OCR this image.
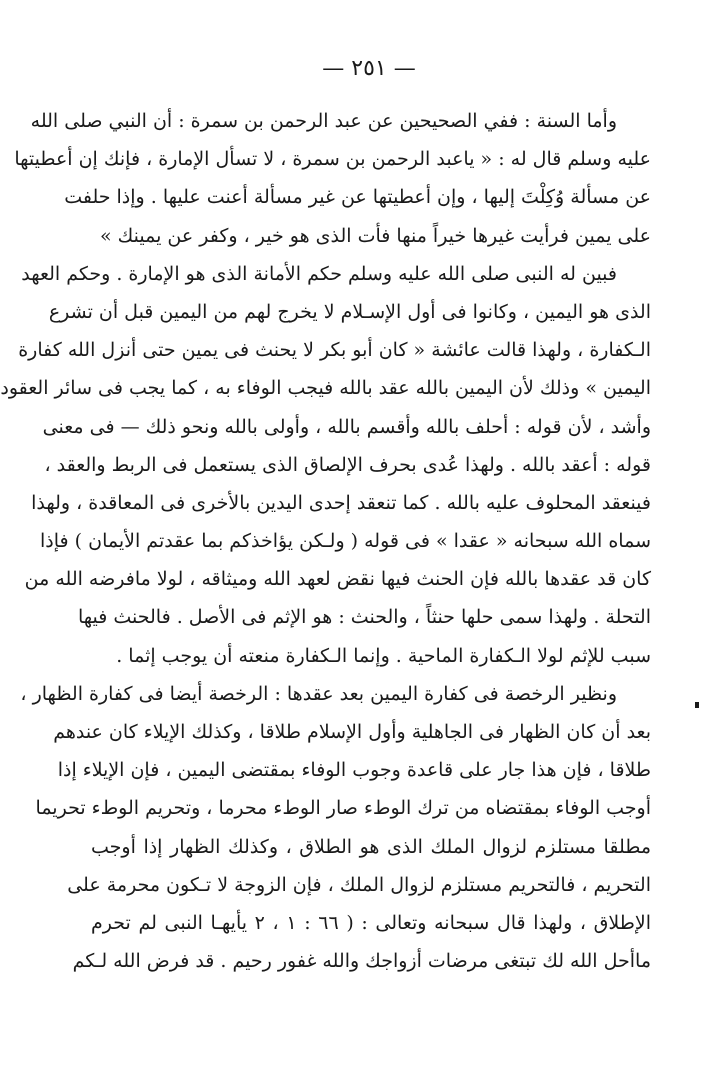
— ٢٥١ —
وأما السنة : ففي الصحيحين عن عبد الرحمن بن سمرة : أن النبي صلى الله
عليه وسلم قال له : « ياعبد الرحمن بن سمرة ، لا تسأل الإمارة ، فإنك إن أعطيتها
عن مسألة وُكِلْتَ إليها ، وإن أعطيتها عن غير مسألة أعنت عليها . وإذا حلفت
على يمين فرأيت غيرها خيراً منها فأت الذى هو خير ، وكفر عن يمينك »
فبين له النبى صلى الله عليه وسلم حكم الأمانة الذى هو الإمارة . وحكم العهد
الذى هو اليمين ، وكانوا فى أول الإسـلام لا يخرج لهم من اليمين قبل أن تشرع
الـكفارة ، ولهذا قالت عائشة « كان أبو بكر لا يحنث فى يمين حتى أنزل الله كفارة
اليمين » وذلك لأن اليمين بالله عقد بالله فيجب الوفاء به ، كما يجب فى سائر العقود
وأشد ، لأن قوله : أحلف بالله وأقسم بالله ، وأولى بالله ونحو ذلك — فى معنى
قوله : أعقد بالله . ولهذا عُدى بحرف الإلصاق الذى يستعمل فى الربط والعقد ،
فينعقد المحلوف عليه بالله . كما تنعقد إحدى اليدين بالأخرى فى المعاقدة ، ولهذا
سماه الله سبحانه « عقدا » فى قوله ( ولـكن يؤاخذكم بما عقدتم الأيمان ) فإذا
كان قد عقدها بالله فإن الحنث فيها نقض لعهد الله وميثاقه ، لولا مافرضه الله من
التحلة . ولهذا سمى حلها حنثاً ، والحنث : هو الإثم فى الأصل . فالحنث فيها
سبب للإثم لولا الـكفارة الماحية . وإنما الـكفارة منعته أن يوجب إثما .
ونظير الرخصة فى كفارة اليمين بعد عقدها : الرخصة أيضا فى كفارة الظهار ،
بعد أن كان الظهار فى الجاهلية وأول الإسلام طلاقا ، وكذلك الإيلاء كان عندهم
طلاقا ، فإن هذا جار على قاعدة وجوب الوفاء بمقتضى اليمين ، فإن الإيلاء إذا
أوجب الوفاء بمقتضاه من ترك الوطء صار الوطء محرما ، وتحريم الوطء تحريما
مطلقا مستلزم لزوال الملك الذى هو الطلاق ، وكذلك الظهار إذا أوجب
التحريم ، فالتحريم مستلزم لزوال الملك ، فإن الزوجة لا تـكون محرمة على
الإطلاق ، ولهذا قال سبحانه وتعالى : ( ٦٦ : ١ ، ٢ يأيهـا النبى لم تحرم
ماأحل الله لك تبتغى مرضات أزواجك والله غفور رحيم . قد فرض الله لـكم
